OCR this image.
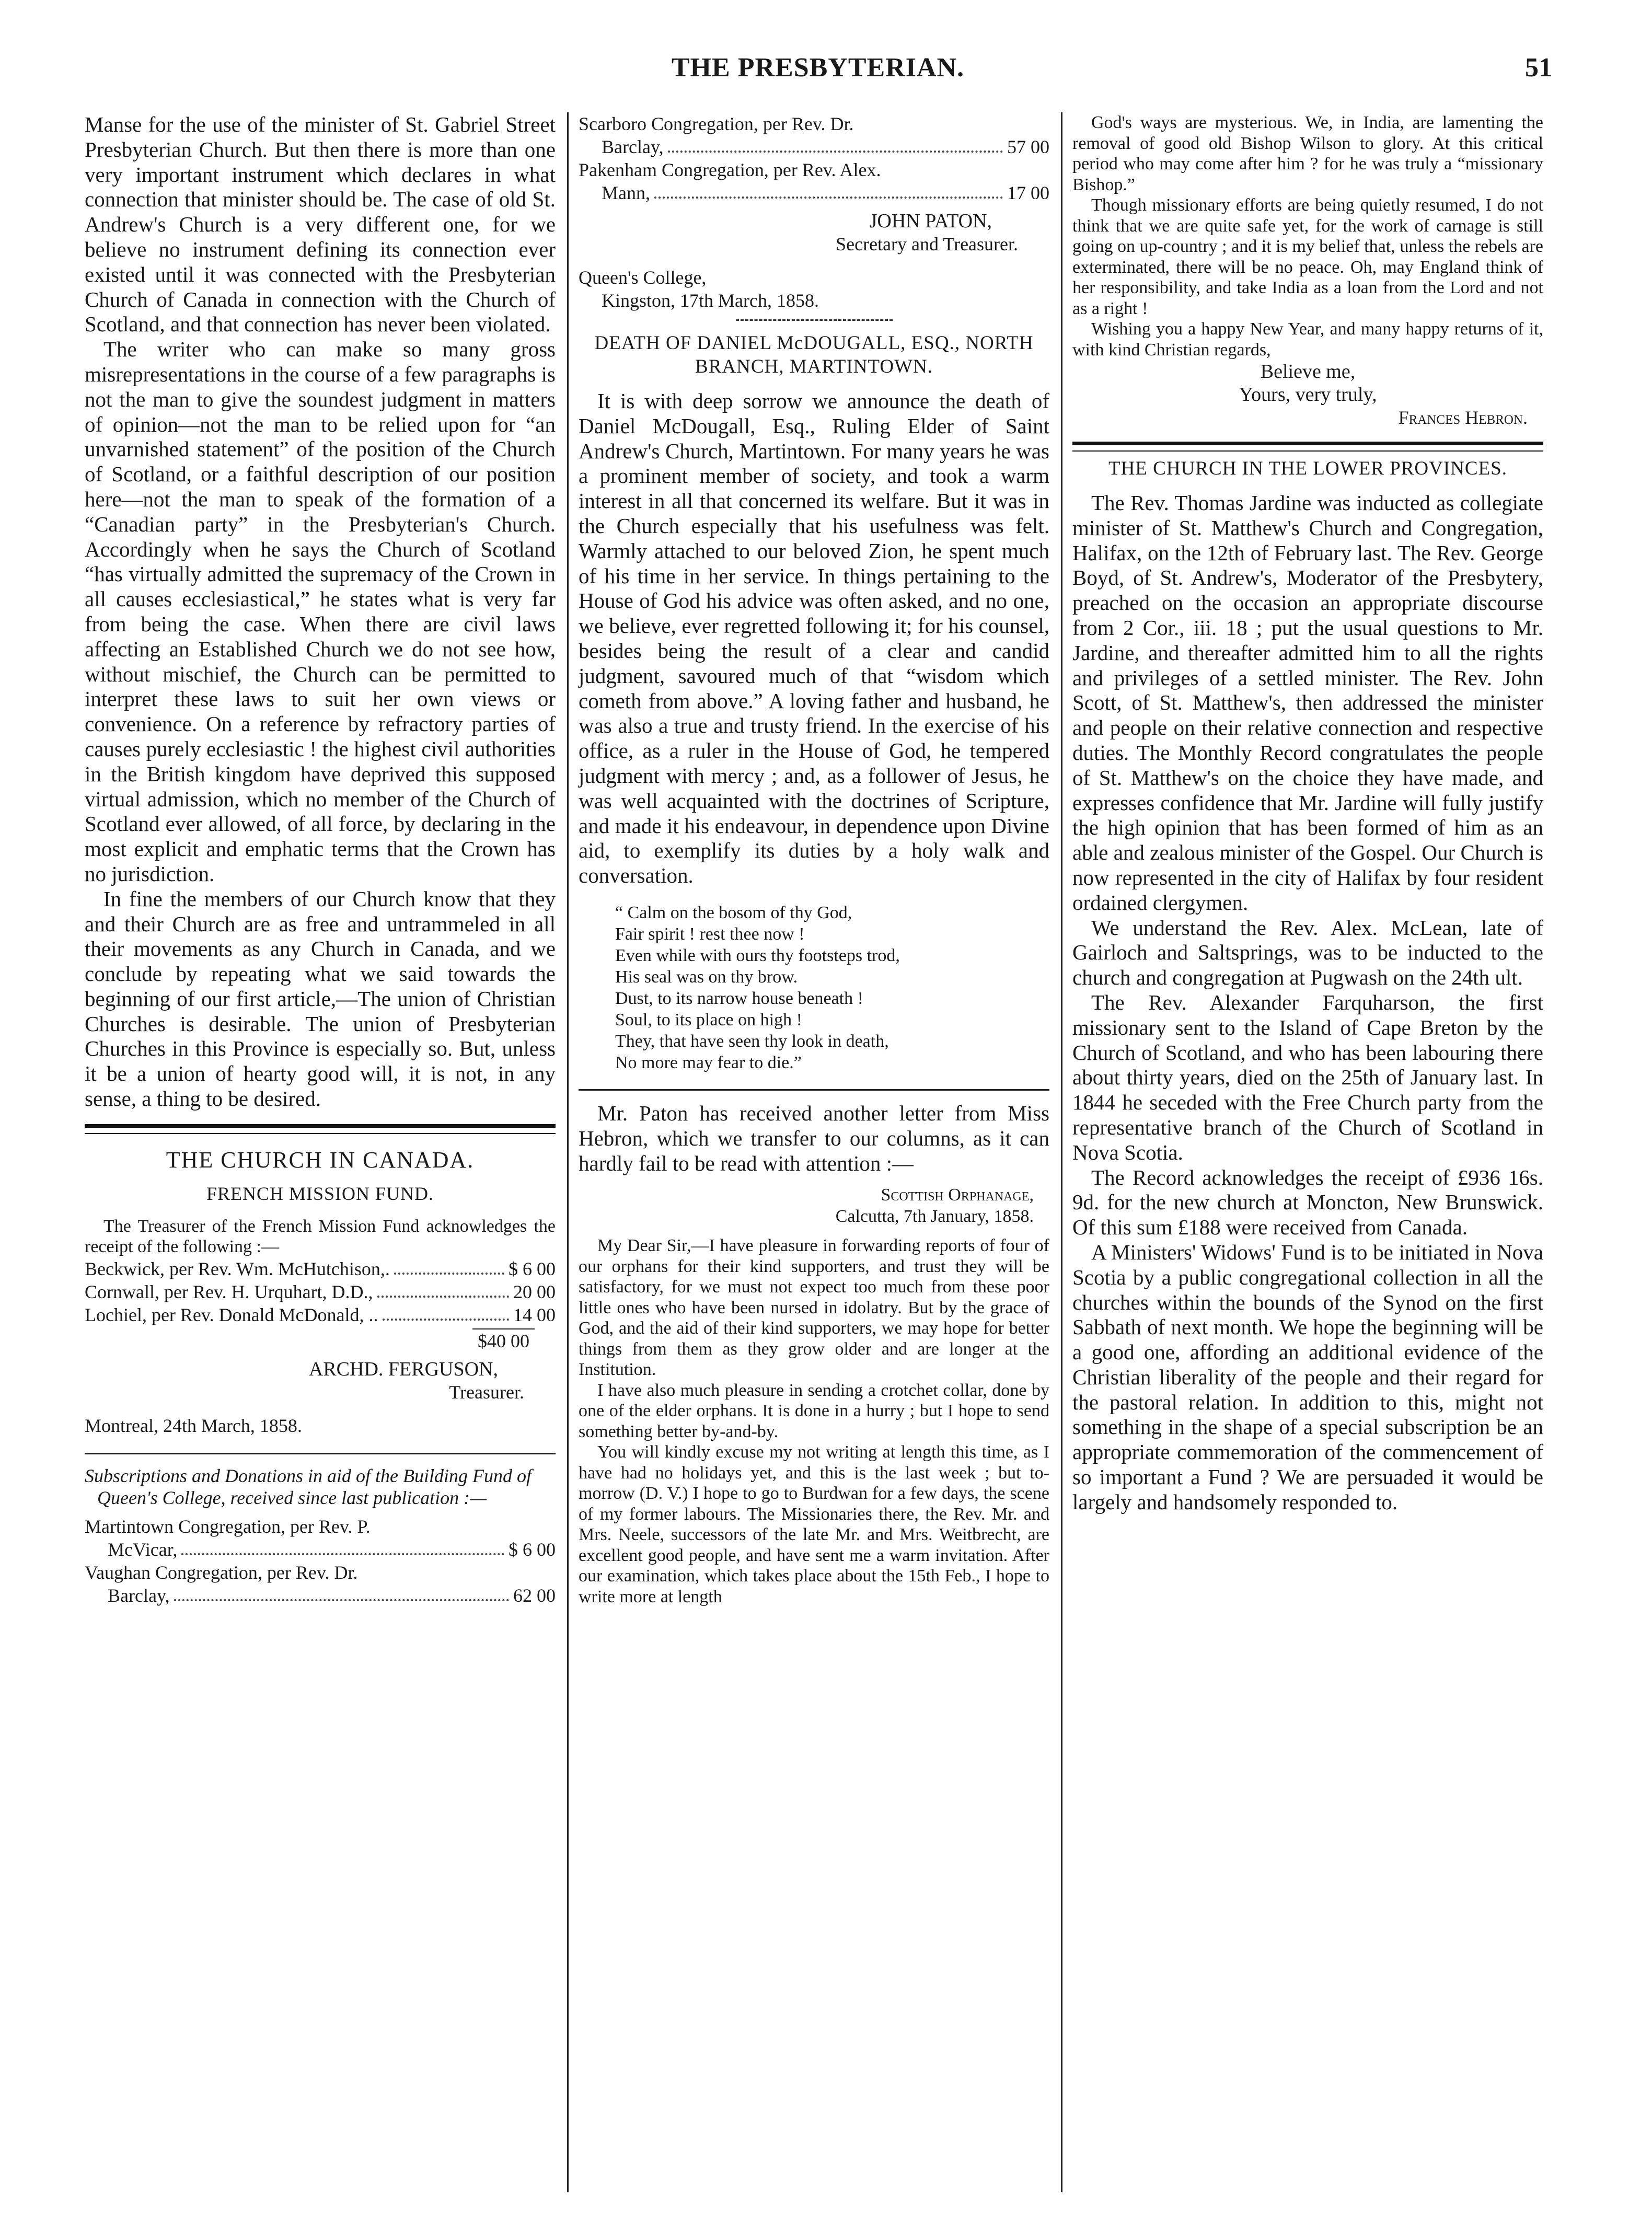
THE PRESBYTERIAN.	51

Manse for the use of the minister of St. Gabriel Street Presbyterian Church. But then there is more than one very important instrument which declares in what connection that minister should be. The case of old St. Andrew's Church is a very different one, for we believe no instrument defining its connection ever existed until it was connected with the Presbyterian Church of Canada in connection with the Church of Scotland, and that connection has never been violated.

The writer who can make so many gross misrepresentations in the course of a few paragraphs is not the man to give the soundest judgment in matters of opinion—not the man to be relied upon for “an unvarnished statement” of the position of the Church of Scotland, or a faithful description of our position here—not the man to speak of the formation of a “Canadian party” in the Presbyterian's Church. Accordingly when he says the Church of Scotland “has virtually admitted the supremacy of the Crown in all causes ecclesiastical,” he states what is very far from being the case. When there are civil laws affecting an Established Church we do not see how, without mischief, the Church can be permitted to interpret these laws to suit her own views or convenience. On a reference by refractory parties of causes purely ecclesiastic ! the highest civil authorities in the British kingdom have deprived this supposed virtual admission, which no member of the Church of Scotland ever allowed, of all force, by declaring in the most explicit and emphatic terms that the Crown has no jurisdiction.

In fine the members of our Church know that they and their Church are as free and untrammeled in all their movements as any Church in Canada, and we conclude by repeating what we said towards the beginning of our first article,—The union of Christian Churches is desirable. The union of Presbyterian Churches in this Province is especially so. But, unless it be a union of hearty good will, it is not, in any sense, a thing to be desired.

THE CHURCH IN CANADA.
FRENCH MISSION FUND.

The Treasurer of the French Mission Fund acknowledges the receipt of the following :—

Beckwick, per Rev. Wm. McHutchison,.	$ 6 00
Cornwall, per Rev. H. Urquhart, D.D.,	20 00
Lochiel, per Rev. Donald McDonald, ..	14 00
$40 00
ARCHD. FERGUSON,
Treasurer.
Montreal, 24th March, 1858.
Subscriptions and Donations in aid of the Building Fund of Queen's College, received since last publication :—
Martintown Congregation, per Rev. P.
McVicar,	$ 6 00
Vaughan Congregation, per Rev. Dr.
Barclay,	62 00
Scarboro Congregation, per Rev. Dr.
Barclay,	57 00
Pakenham Congregation, per Rev. Alex.
Mann,	17 00
JOHN PATON,
Secretary and Treasurer.
Queen's College,
Kingston, 17th March, 1858.
DEATH OF DANIEL McDOUGALL, ESQ., NORTH BRANCH, MARTINTOWN.

It is with deep sorrow we announce the death of Daniel McDougall, Esq., Ruling Elder of Saint Andrew's Church, Martintown. For many years he was a prominent member of society, and took a warm interest in all that concerned its welfare. But it was in the Church especially that his usefulness was felt. Warmly attached to our beloved Zion, he spent much of his time in her service. In things pertaining to the House of God his advice was often asked, and no one, we believe, ever regretted following it; for his counsel, besides being the result of a clear and candid judgment, savoured much of that “wisdom which cometh from above.” A loving father and husband, he was also a true and trusty friend. In the exercise of his office, as a ruler in the House of God, he tempered judgment with mercy ; and, as a follower of Jesus, he was well acquainted with the doctrines of Scripture, and made it his endeavour, in dependence upon Divine aid, to exemplify its duties by a holy walk and conversation.

“ Calm on the bosom of thy God,
Fair spirit ! rest thee now !
Even while with ours thy footsteps trod,
His seal was on thy brow.
Dust, to its narrow house beneath !
Soul, to its place on high !
They, that have seen thy look in death,
No more may fear to die.”

Mr. Paton has received another letter from Miss Hebron, which we transfer to our columns, as it can hardly fail to be read with attention :—

Scottish Orphanage,
Calcutta, 7th January, 1858.

My Dear Sir,—I have pleasure in forwarding reports of four of our orphans for their kind supporters, and trust they will be satisfactory, for we must not expect too much from these poor little ones who have been nursed in idolatry. But by the grace of God, and the aid of their kind supporters, we may hope for better things from them as they grow older and are longer at the Institution.

I have also much pleasure in sending a crotchet collar, done by one of the elder orphans. It is done in a hurry ; but I hope to send something better by-and-by.

You will kindly excuse my not writing at length this time, as I have had no holidays yet, and this is the last week ; but to-morrow (D. V.) I hope to go to Burdwan for a few days, the scene of my former labours. The Missionaries there, the Rev. Mr. and Mrs. Neele, successors of the late Mr. and Mrs. Weitbrecht, are excellent good people, and have sent me a warm invitation. After our examination, which takes place about the 15th Feb., I hope to write more at length

God's ways are mysterious. We, in India, are lamenting the removal of good old Bishop Wilson to glory. At this critical period who may come after him ? for he was truly a “missionary Bishop.”

Though missionary efforts are being quietly resumed, I do not think that we are quite safe yet, for the work of carnage is still going on up-country ; and it is my belief that, unless the rebels are exterminated, there will be no peace. Oh, may England think of her responsibility, and take India as a loan from the Lord and not as a right !

Wishing you a happy New Year, and many happy returns of it, with kind Christian regards,

Believe me,
Yours, very truly,
Frances Hebron.
THE CHURCH IN THE LOWER PROVINCES.

The Rev. Thomas Jardine was inducted as collegiate minister of St. Matthew's Church and Congregation, Halifax, on the 12th of February last. The Rev. George Boyd, of St. Andrew's, Moderator of the Presbytery, preached on the occasion an appropriate discourse from 2 Cor., iii. 18 ; put the usual questions to Mr. Jardine, and thereafter admitted him to all the rights and privileges of a settled minister. The Rev. John Scott, of St. Matthew's, then addressed the minister and people on their relative connection and respective duties. The Monthly Record congratulates the people of St. Matthew's on the choice they have made, and expresses confidence that Mr. Jardine will fully justify the high opinion that has been formed of him as an able and zealous minister of the Gospel. Our Church is now represented in the city of Halifax by four resident ordained clergymen.

We understand the Rev. Alex. McLean, late of Gairloch and Saltsprings, was to be inducted to the church and congregation at Pugwash on the 24th ult.

The Rev. Alexander Farquharson, the first missionary sent to the Island of Cape Breton by the Church of Scotland, and who has been labouring there about thirty years, died on the 25th of January last. In 1844 he seceded with the Free Church party from the representative branch of the Church of Scotland in Nova Scotia.

The Record acknowledges the receipt of £936 16s. 9d. for the new church at Moncton, New Brunswick. Of this sum £188 were received from Canada.

A Ministers' Widows' Fund is to be initiated in Nova Scotia by a public congregational collection in all the churches within the bounds of the Synod on the first Sabbath of next month. We hope the beginning will be a good one, affording an additional evidence of the Christian liberality of the people and their regard for the pastoral relation. In addition to this, might not something in the shape of a special subscription be an appropriate commemoration of the commencement of so important a Fund ? We are persuaded it would be largely and handsomely responded to.
